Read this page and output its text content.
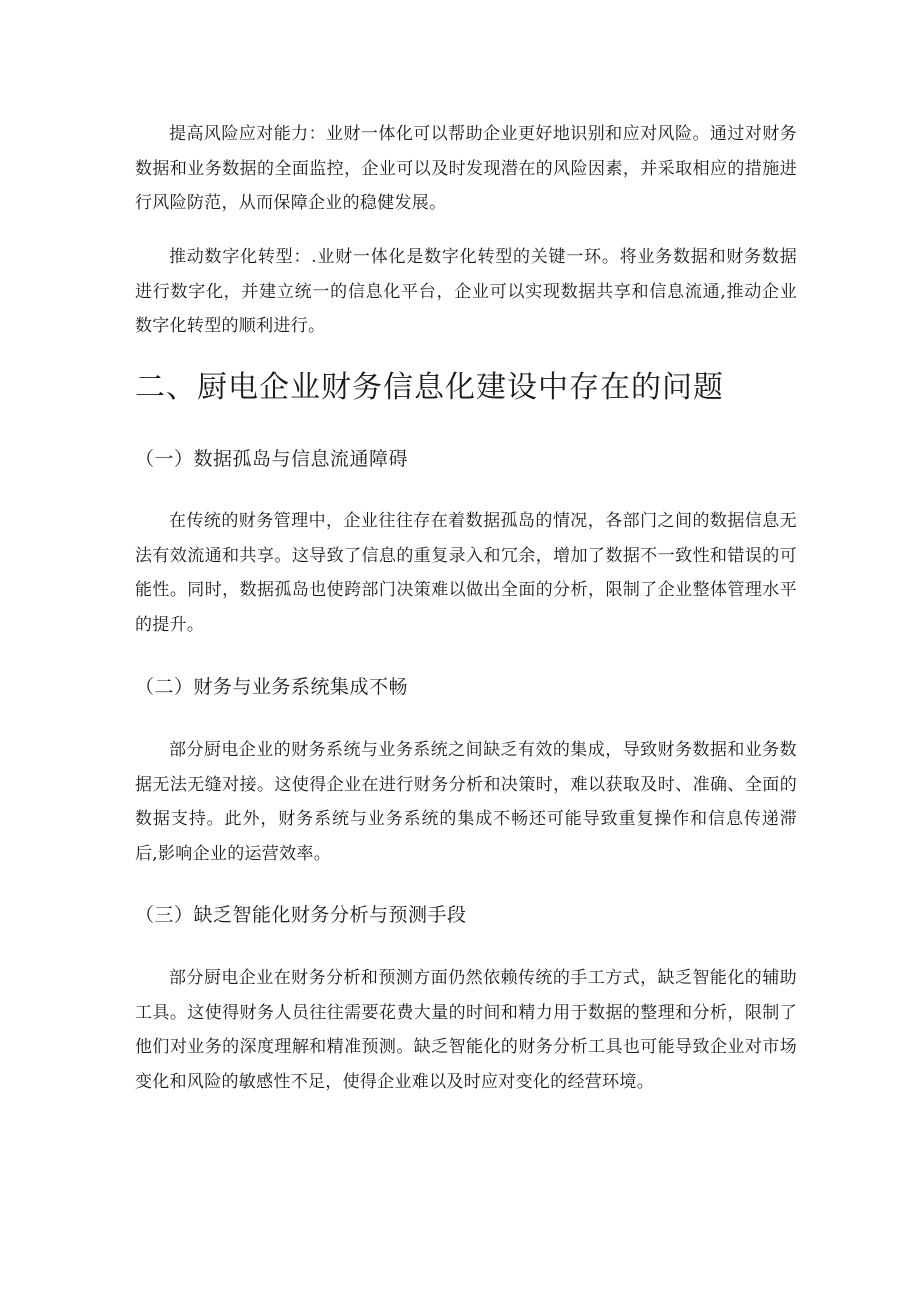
提高风险应对能力：业财一体化可以帮助企业更好地识别和应对风险。通过对财务数据和业务数据的全面监控，企业可以及时发现潜在的风险因素，并采取相应的措施进行风险防范，从而保障企业的稳健发展。

推动数字化转型：.业财一体化是数字化转型的关键一环。将业务数据和财务数据进行数字化，并建立统一的信息化平台，企业可以实现数据共享和信息流通,推动企业数字化转型的顺利进行。

二、厨电企业财务信息化建设中存在的问题
（一）数据孤岛与信息流通障碍

在传统的财务管理中，企业往往存在着数据孤岛的情况，各部门之间的数据信息无法有效流通和共享。这导致了信息的重复录入和冗余，增加了数据不一致性和错误的可能性。同时，数据孤岛也使跨部门决策难以做出全面的分析，限制了企业整体管理水平的提升。

（二）财务与业务系统集成不畅

部分厨电企业的财务系统与业务系统之间缺乏有效的集成，导致财务数据和业务数据无法无缝对接。这使得企业在进行财务分析和决策时，难以获取及时、准确、全面的数据支持。此外，财务系统与业务系统的集成不畅还可能导致重复操作和信息传递滞后,影响企业的运营效率。

（三）缺乏智能化财务分析与预测手段

部分厨电企业在财务分析和预测方面仍然依赖传统的手工方式，缺乏智能化的辅助工具。这使得财务人员往往需要花费大量的时间和精力用于数据的整理和分析，限制了他们对业务的深度理解和精准预测。缺乏智能化的财务分析工具也可能导致企业对市场变化和风险的敏感性不足，使得企业难以及时应对变化的经营环境。
